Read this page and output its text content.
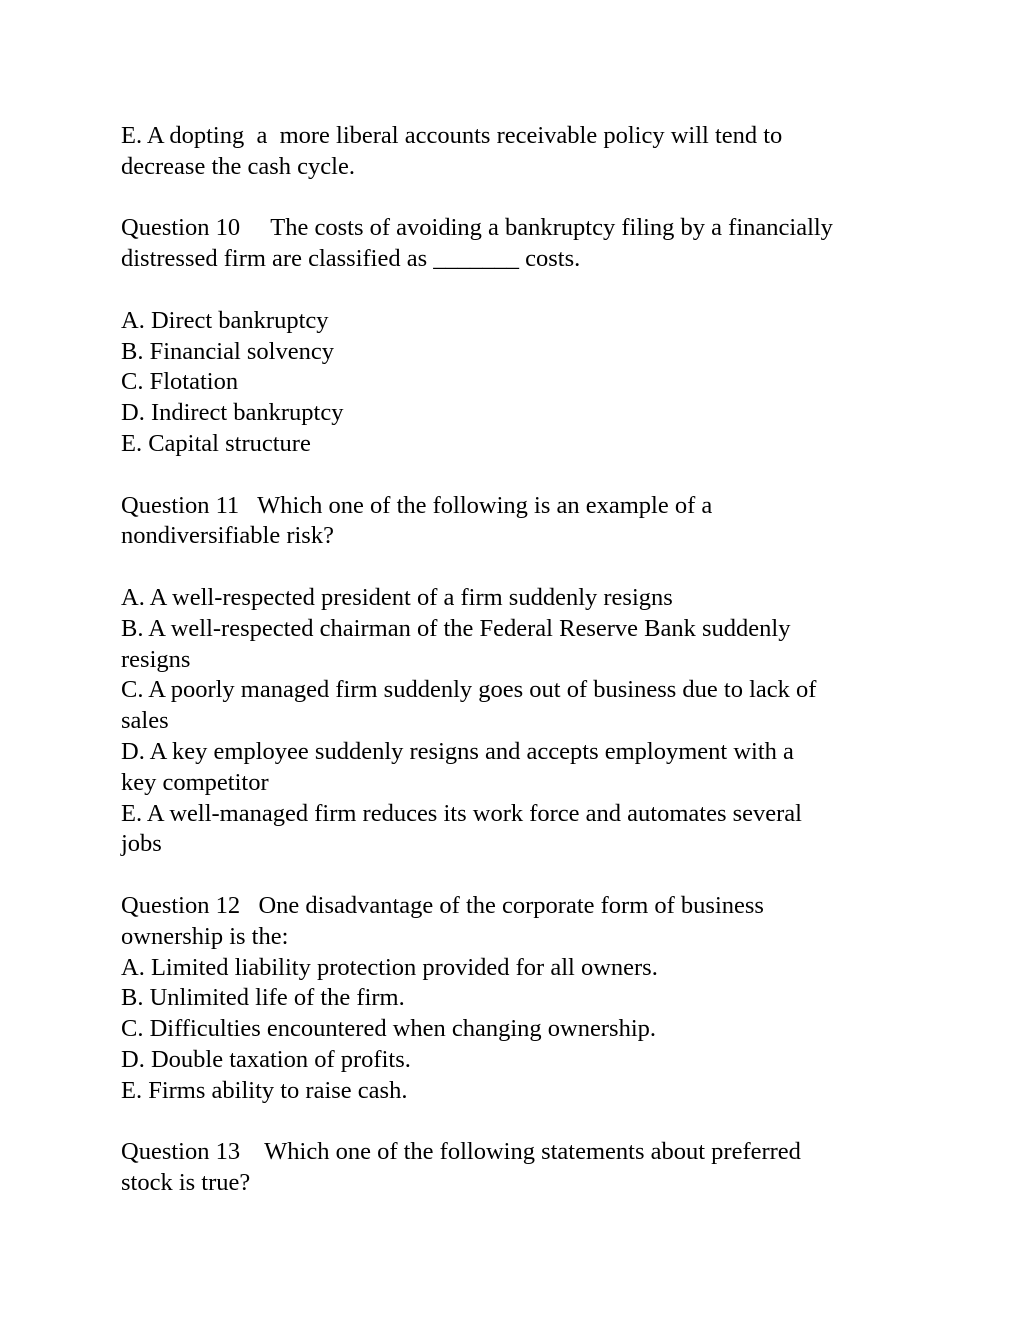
E. A dopting  a  more liberal accounts receivable policy will tend to

decrease the cash cycle.

Question 10     The costs of avoiding a bankruptcy filing by a financially

distressed firm are classified as _______ costs.

A. Direct bankruptcy

B. Financial solvency

C. Flotation

D. Indirect bankruptcy

E. Capital structure

Question 11   Which one of the following is an example of a

nondiversifiable risk?

A. A well-respected president of a firm suddenly resigns

B. A well-respected chairman of the Federal Reserve Bank suddenly

resigns

C. A poorly managed firm suddenly goes out of business due to lack of

sales

D. A key employee suddenly resigns and accepts employment with a

key competitor

E. A well-managed firm reduces its work force and automates several

jobs

Question 12   One disadvantage of the corporate form of business

ownership is the:

A. Limited liability protection provided for all owners.

B. Unlimited life of the firm.

C. Difficulties encountered when changing ownership.

D. Double taxation of profits.

E. Firms ability to raise cash.

Question 13    Which one of the following statements about preferred

stock is true?
